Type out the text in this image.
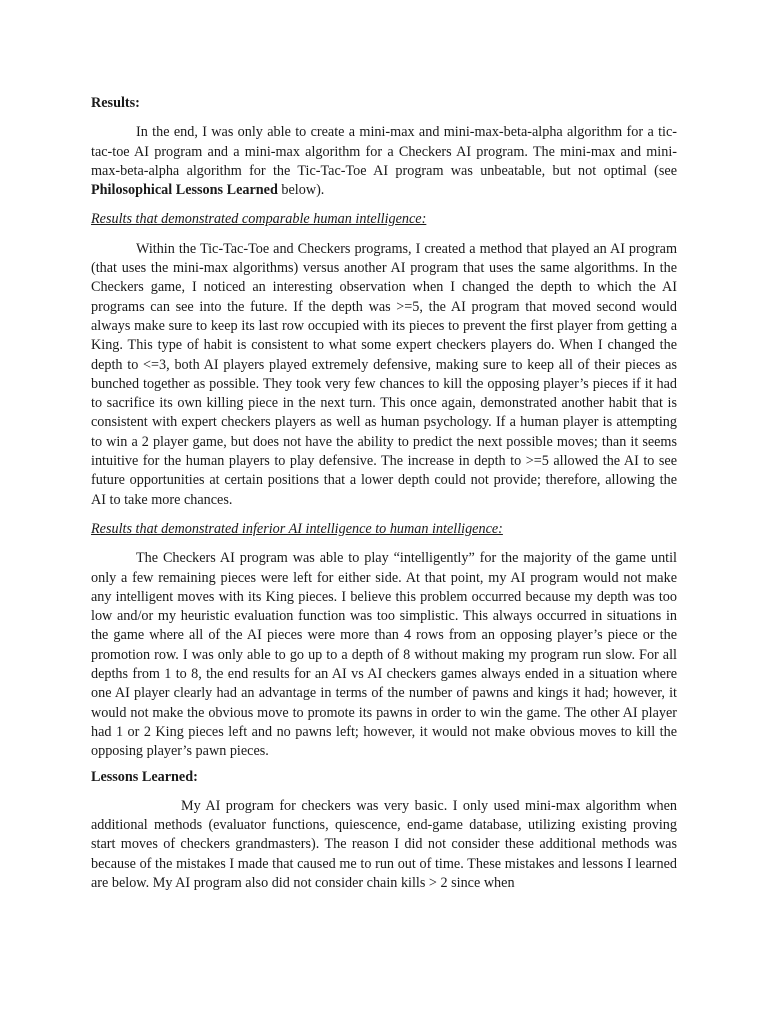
Results:

In the end, I was only able to create a mini-max and mini-max-beta-alpha algorithm for a tic-tac-toe AI program and a mini-max algorithm for a Checkers AI program. The mini-max and mini-max-beta-alpha algorithm for the Tic-Tac-Toe AI program was unbeatable, but not optimal (see Philosophical Lessons Learned below).

Results that demonstrated comparable human intelligence:

Within the Tic-Tac-Toe and Checkers programs, I created a method that played an AI program (that uses the mini-max algorithms) versus another AI program that uses the same algorithms. In the Checkers game, I noticed an interesting observation when I changed the depth to which the AI programs can see into the future. If the depth was >=5, the AI program that moved second would always make sure to keep its last row occupied with its pieces to prevent the first player from getting a King. This type of habit is consistent to what some expert checkers players do. When I changed the depth to <=3, both AI players played extremely defensive, making sure to keep all of their pieces as bunched together as possible. They took very few chances to kill the opposing player’s pieces if it had to sacrifice its own killing piece in the next turn. This once again, demonstrated another habit that is consistent with expert checkers players as well as human psychology. If a human player is attempting to win a 2 player game, but does not have the ability to predict the next possible moves; than it seems intuitive for the human players to play defensive. The increase in depth to >=5 allowed the AI to see future opportunities at certain positions that a lower depth could not provide; therefore, allowing the AI to take more chances.

Results that demonstrated inferior AI intelligence to human intelligence:

The Checkers AI program was able to play “intelligently” for the majority of the game until only a few remaining pieces were left for either side. At that point, my AI program would not make any intelligent moves with its King pieces. I believe this problem occurred because my depth was too low and/or my heuristic evaluation function was too simplistic. This always occurred in situations in the game where all of the AI pieces were more than 4 rows from an opposing player’s piece or the promotion row. I was only able to go up to a depth of 8 without making my program run slow. For all depths from 1 to 8, the end results for an AI vs AI checkers games always ended in a situation where one AI player clearly had an advantage in terms of the number of pawns and kings it had; however, it would not make the obvious move to promote its pawns in order to win the game. The other AI player had 1 or 2 King pieces left and no pawns left; however, it would not make obvious moves to kill the opposing player’s pawn pieces.

Lessons Learned:

My AI program for checkers was very basic. I only used mini-max algorithm when additional methods (evaluator functions, quiescence, end-game database, utilizing existing proving start moves of checkers grandmasters). The reason I did not consider these additional methods was because of the mistakes I made that caused me to run out of time. These mistakes and lessons I learned are below. My AI program also did not consider chain kills > 2 since when
